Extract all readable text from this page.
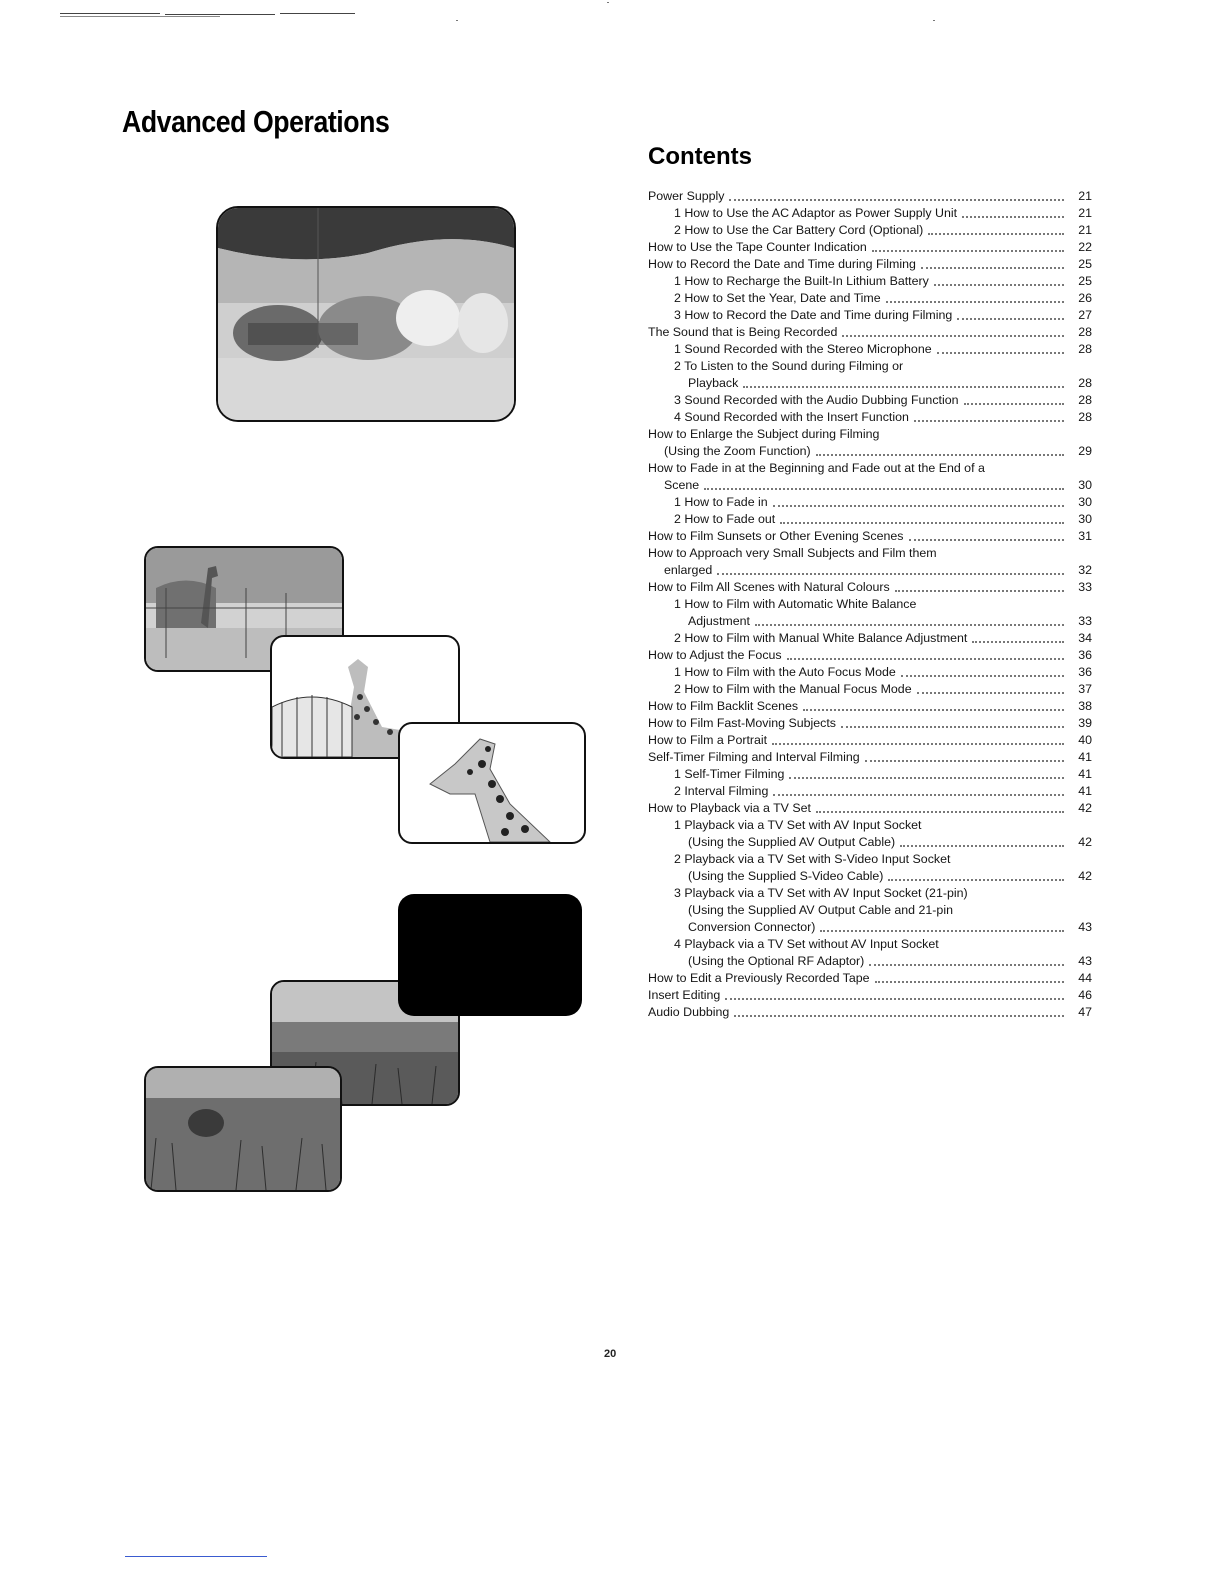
Advanced Operations
Contents
Power Supply	21
1 How to Use the AC Adaptor as Power Supply Unit	21
2 How to Use the Car Battery Cord (Optional)	21
How to Use the Tape Counter Indication	22
How to Record the Date and Time during Filming	25
1 How to Recharge the Built-In Lithium Battery	25
2 How to Set the Year, Date and Time	26
3 How to Record the Date and Time during Filming	27
The Sound that is Being Recorded	28
1 Sound Recorded with the Stereo Microphone	28
2 To Listen to the Sound during Filming or
Playback	28
3 Sound Recorded with the Audio Dubbing Function	28
4 Sound Recorded with the Insert Function	28
How to Enlarge the Subject during Filming
(Using the Zoom Function)	29
How to Fade in at the Beginning and Fade out at the End of a
Scene	30
1 How to Fade in	30
2 How to Fade out	30
How to Film Sunsets or Other Evening Scenes	31
How to Approach very Small Subjects and Film them
enlarged	32
How to Film All Scenes with Natural Colours	33
1 How to Film with Automatic White Balance
Adjustment	33
2 How to Film with Manual White Balance Adjustment	34
How to Adjust the Focus	36
1 How to Film with the Auto Focus Mode	36
2 How to Film with the Manual Focus Mode	37
How to Film Backlit Scenes	38
How to Film Fast-Moving Subjects	39
How to Film a Portrait	40
Self-Timer Filming and Interval Filming	41
1 Self-Timer Filming	41
2 Interval Filming	41
How to Playback via a TV Set	42
1 Playback via a TV Set with AV Input Socket
(Using the Supplied AV Output Cable)	42
2 Playback via a TV Set with S-Video Input Socket
(Using the Supplied S-Video Cable)	42
3 Playback via a TV Set with AV Input Socket (21-pin)
(Using the Supplied AV Output Cable and 21-pin
Conversion Connector)	43
4 Playback via a TV Set without AV Input Socket
(Using the Optional RF Adaptor)	43
How to Edit a Previously Recorded Tape	44
Insert Editing	46
Audio Dubbing	47
20
